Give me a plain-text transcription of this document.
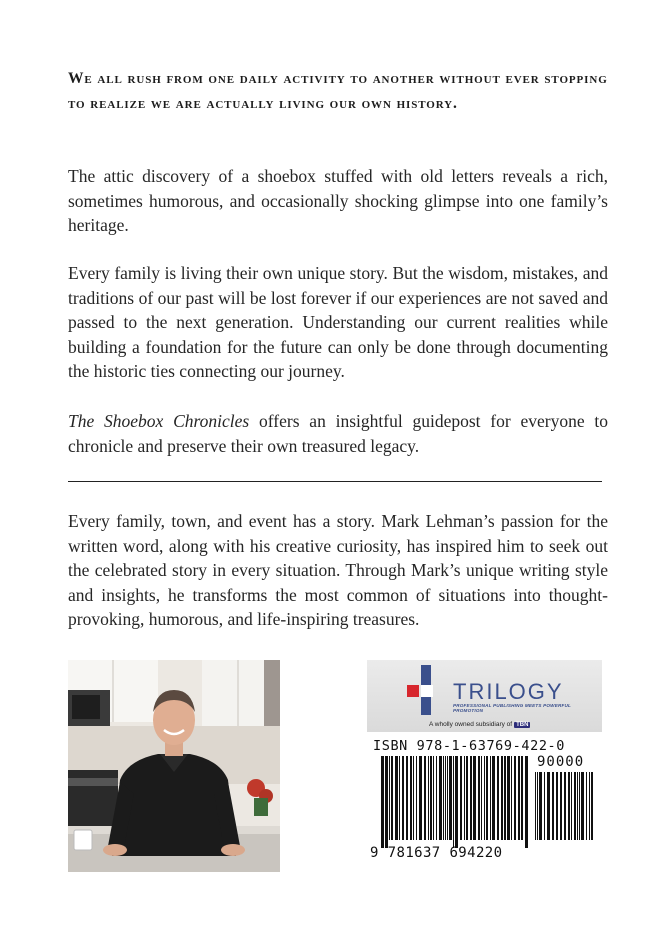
We all rush from one daily activity to another without ever stopping to realize we are actually living our own history.

The attic discovery of a shoebox stuffed with old letters reveals a rich, sometimes humorous, and occasionally shocking glimpse into one family’s heritage.

Every family is living their own unique story. But the wisdom, mistakes, and traditions of our past will be lost forever if our experiences are not saved and passed to the next generation. Understanding our current realities while building a foundation for the future can only be done through documenting the historic ties connecting our journey.

The Shoebox Chronicles offers an insightful guidepost for everyone to chronicle and preserve their own treasured legacy.

Every family, town, and event has a story. Mark Lehman’s passion for the written word, along with his creative curiosity, has inspired him to seek out the celebrated story in every situation. Through Mark’s unique writing style and insights, he transforms the most common of situations into thought-provoking, humorous, and life-inspiring treasures.

TRILOGY
PROFESSIONAL PUBLISHING MEETS POWERFUL PROMOTION
A wholly owned subsidiary of TBN
ISBN 978-1-63769-422-0
90000
9 781637 694220
